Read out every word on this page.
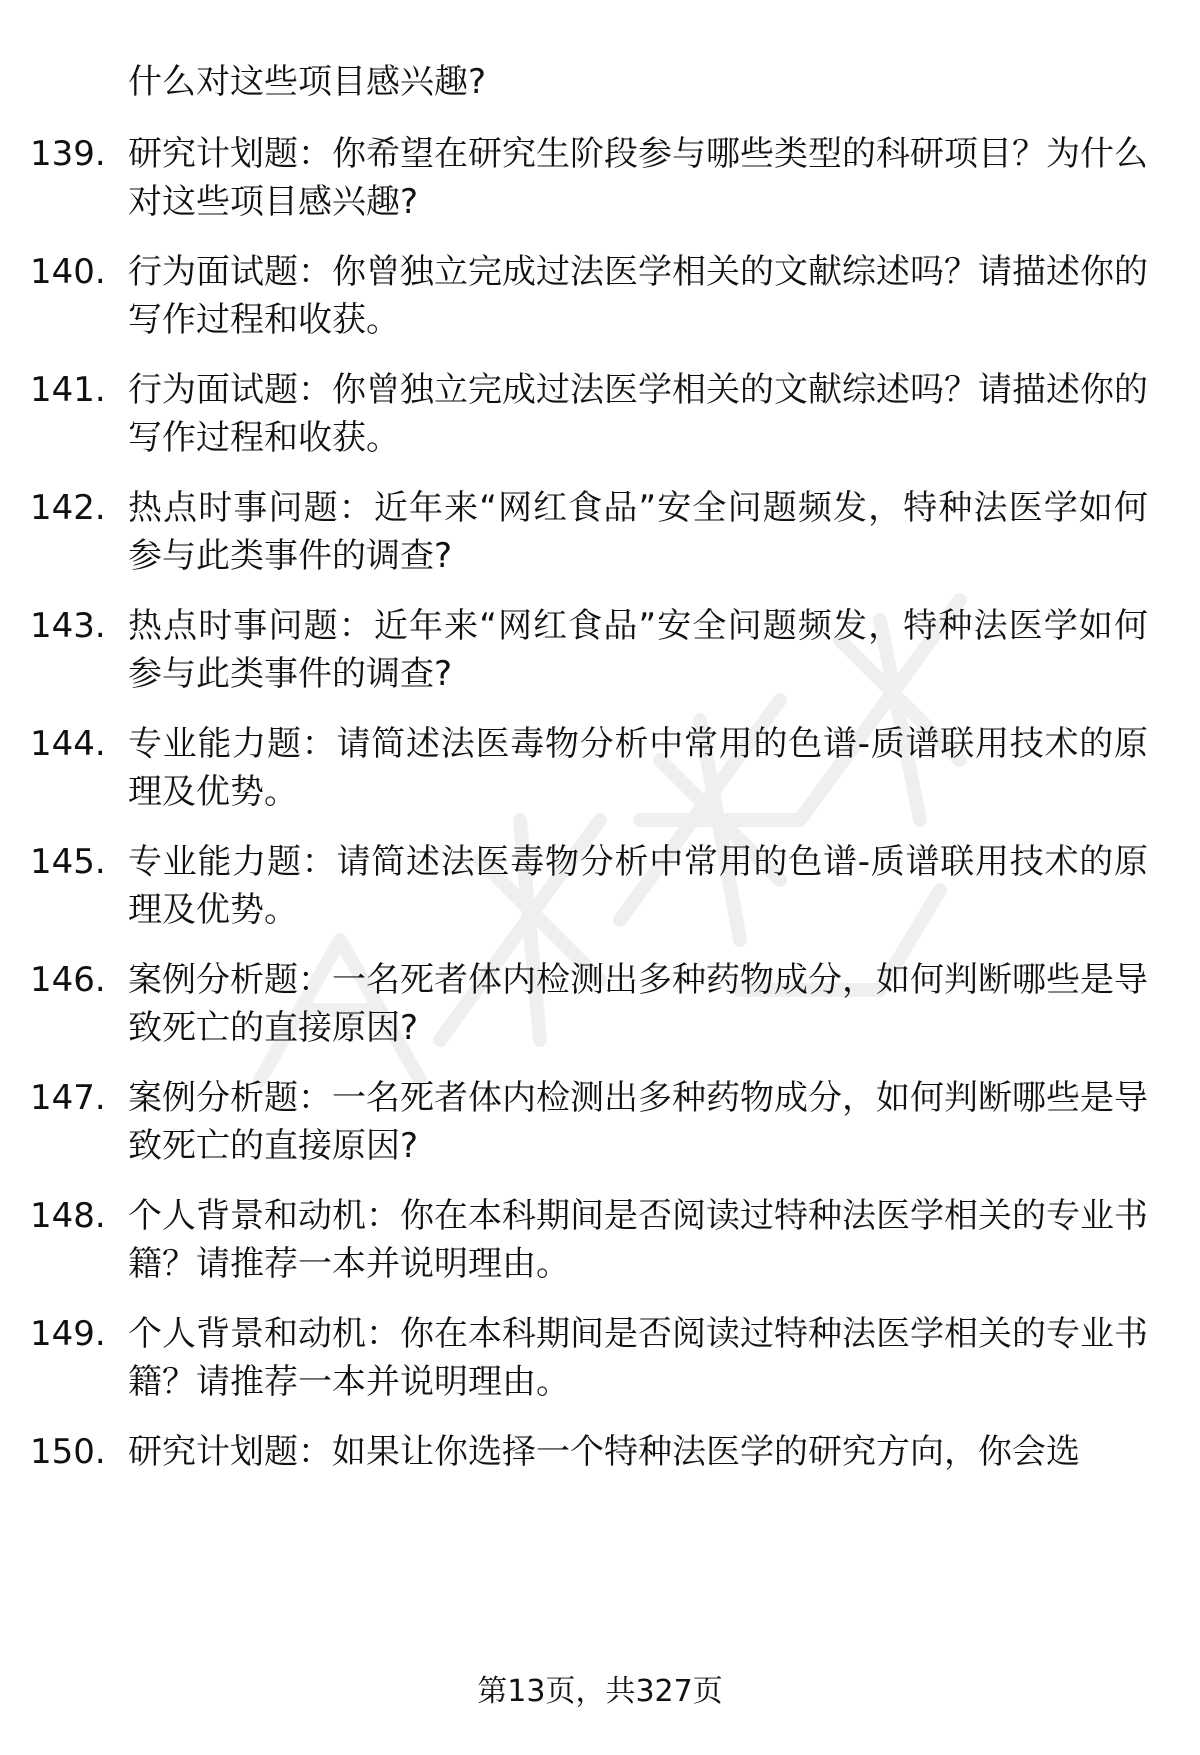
什么对这些项目感兴趣?
139. 研究计划题：你希望在研究生阶段参与哪些类型的科研项目？为什么对这些项目感兴趣?
140. 行为面试题：你曾独立完成过法医学相关的文献综述吗？请描述你的写作过程和收获。
141. 行为面试题：你曾独立完成过法医学相关的文献综述吗？请描述你的写作过程和收获。
142. 热点时事问题：近年来“网红食品”安全问题频发，特种法医学如何参与此类事件的调查?
143. 热点时事问题：近年来“网红食品”安全问题频发，特种法医学如何参与此类事件的调查?
144. 专业能力题：请简述法医毒物分析中常用的色谱-质谱联用技术的原理及优势。
145. 专业能力题：请简述法医毒物分析中常用的色谱-质谱联用技术的原理及优势。
146. 案例分析题：一名死者体内检测出多种药物成分，如何判断哪些是导致死亡的直接原因?
147. 案例分析题：一名死者体内检测出多种药物成分，如何判断哪些是导致死亡的直接原因?
148. 个人背景和动机：你在本科期间是否阅读过特种法医学相关的专业书籍？请推荐一本并说明理由。
149. 个人背景和动机：你在本科期间是否阅读过特种法医学相关的专业书籍？请推荐一本并说明理由。
150. 研究计划题：如果让你选择一个特种法医学的研究方向，你会选
第13页，共327页
